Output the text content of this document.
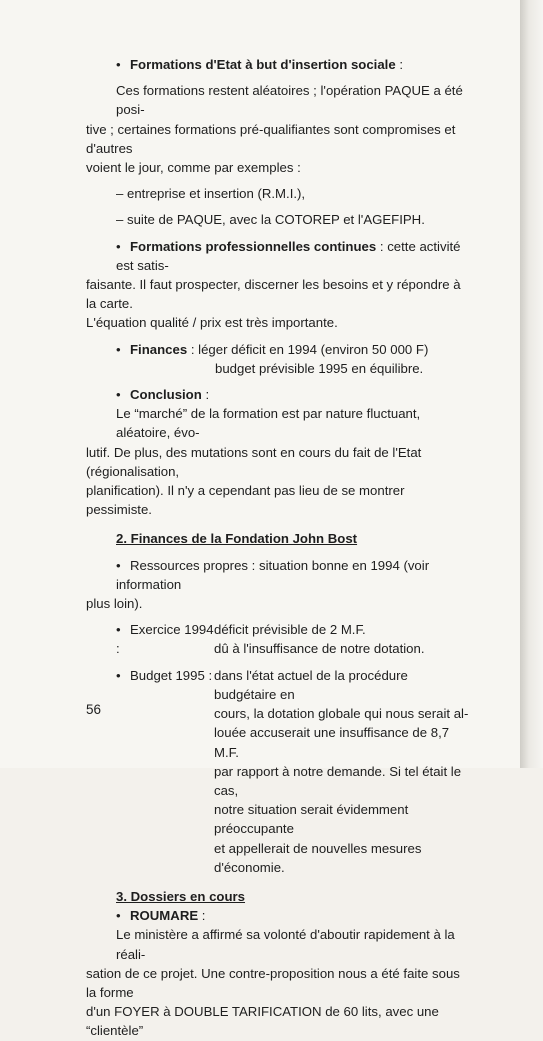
• Formations d'Etat à but d'insertion sociale :

Ces formations restent aléatoires ; l'opération PAQUE a été posi-

tive ; certaines formations pré-qualifiantes sont compromises et d'autres

voient le jour, comme par exemples :

– entreprise et insertion (R.M.I.),

– suite de PAQUE, avec la COTOREP et l'AGEFIPH.

• Formations professionnelles continues : cette activité est satis-

faisante. Il faut prospecter, discerner les besoins et y répondre à la carte.

L'équation qualité / prix est très importante.

• Finances : léger déficit en 1994 (environ 50 000 F)

budget prévisible 1995 en équilibre.

• Conclusion :

Le “marché” de la formation est par nature fluctuant, aléatoire, évo-

lutif. De plus, des mutations sont en cours du fait de l'Etat (régionalisation,

planification). Il n'y a cependant pas lieu de se montrer pessimiste.

2. Finances de la Fondation John Bost

• Ressources propres : situation bonne en 1994 (voir information

plus loin).

• Exercice 1994 :

déficit prévisible de 2 M.F.

dû à l'insuffisance de notre dotation.

• Budget 1995 : dans l'état actuel de la procédure budgétaire en

cours, la dotation globale qui nous serait al-

louée accuserait une insuffisance de 8,7 M.F.

par rapport à notre demande. Si tel était le cas,

notre situation serait évidemment préoccupante

et appellerait de nouvelles mesures d'économie.

3. Dossiers en cours

• ROUMARE :

Le ministère a affirmé sa volonté d'aboutir rapidement à la réali-

sation de ce projet. Une contre-proposition nous a été faite sous la forme

d'un FOYER à DOUBLE TARIFICATION de 60 lits, avec une “clientèle”

56
